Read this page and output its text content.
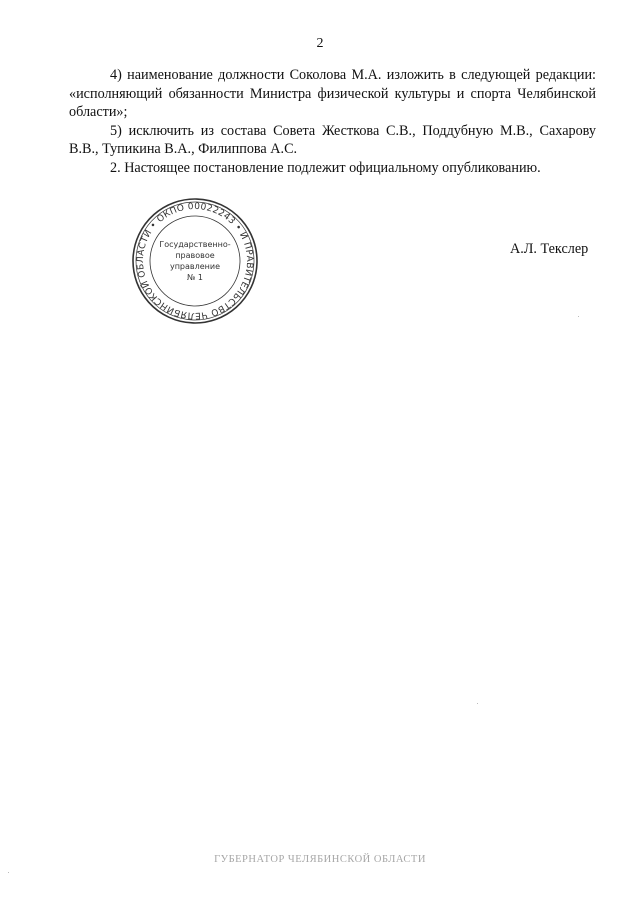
2

4) наименование должности Соколова М.А. изложить в следующей редакции: «исполняющий обязанности Министра физической культуры и спорта Челябинской области»;

5) исключить из состава Совета Жесткова С.В., Поддубную М.В., Сахарову В.В., Тупикина В.А., Филиппова А.С.

2. Настоящее постановление подлежит официальному опубликованию.

ПРАВИТЕЛЬСТВО ЧЕЛЯБИНСКОЙ ОБЛАСТИ • ОКПО 00022243 • ИНН
Государственно-
правовое
управление
№ 1
А.Л. Текслер
ГУБЕРНАТОР ЧЕЛЯБИНСКОЙ ОБЛАСТИ
